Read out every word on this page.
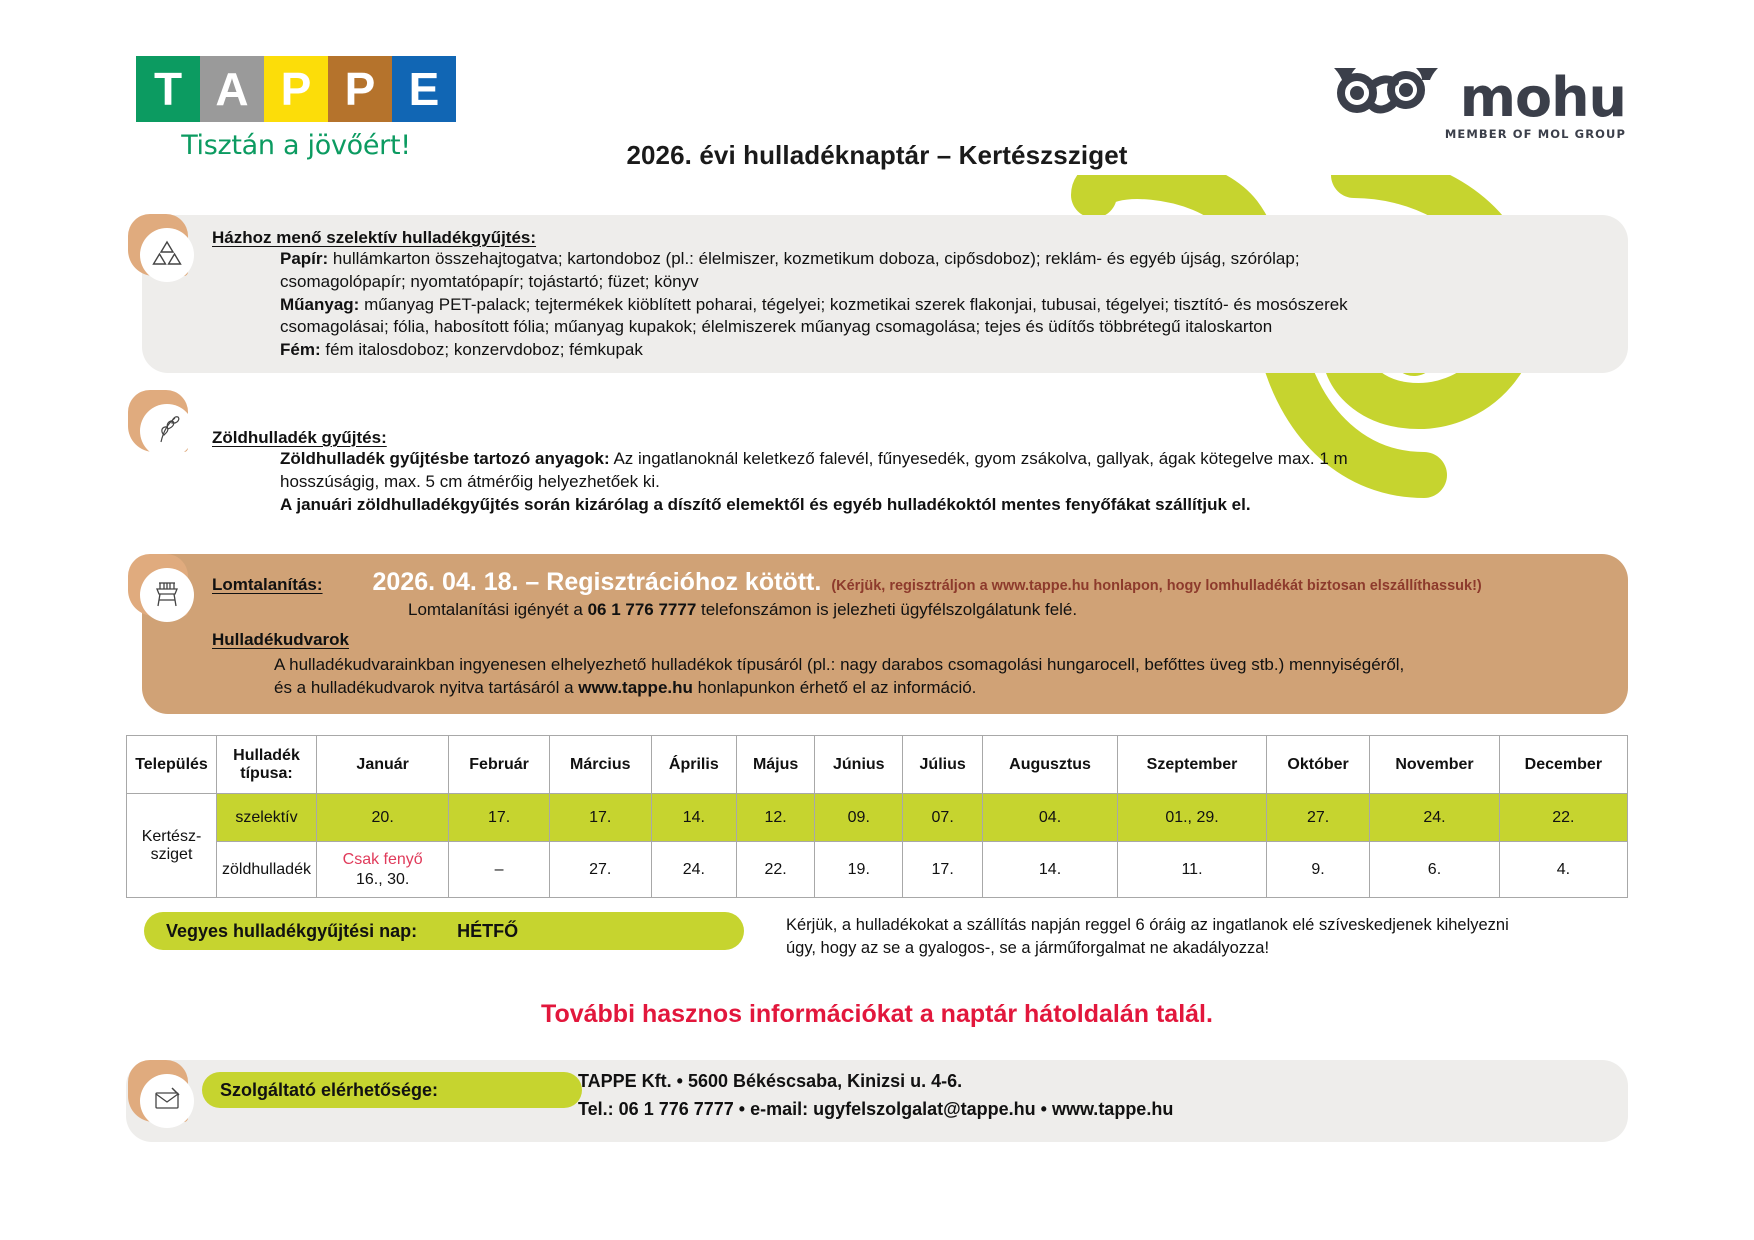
T A P P E
Tisztán a jövőért!	2026. évi hulladéknaptár – Kertészsziget
mohu
MEMBER OF MOL GROUP
Házhoz menő szelektív hulladékgyűjtés:
Papír: hullámkarton összehajtogatva; kartondoboz (pl.: élelmiszer, kozmetikum doboza, cipősdoboz); reklám- és egyéb újság, szórólap;
csomagolópapír; nyomtatópapír; tojástartó; füzet; könyv
Műanyag: műanyag PET-palack; tejtermékek kiöblített poharai, tégelyei; kozmetikai szerek flakonjai, tubusai, tégelyei; tisztító- és mosószerek
csomagolásai; fólia, habosított fólia; műanyag kupakok; élelmiszerek műanyag csomagolása; tejes és üdítős többrétegű italoskarton
Fém: fém italosdoboz; konzervdoboz; fémkupak
Zöldhulladék gyűjtés:
Zöldhulladék gyűjtésbe tartozó anyagok: Az ingatlanoknál keletkező falevél, fűnyesedék, gyom zsákolva, gallyak, ágak kötegelve max. 1 m
hosszúságig, max. 5 cm átmérőig helyezhetőek ki.
A januári zöldhulladékgyűjtés során kizárólag a díszítő elemektől és egyéb hulladékoktól mentes fenyőfákat szállítjuk el.
Lomtalanítás: 2026. 04. 18. – Regisztrációhoz kötött. (Kérjük, regisztráljon a www.tappe.hu honlapon, hogy lomhulladékát biztosan elszállíthassuk!)
Lomtalanítási igényét a 06 1 776 7777 telefonszámon is jelezheti ügyfélszolgálatunk felé.
Hulladékudvarok
A hulladékudvarainkban ingyenesen elhelyezhető hulladékok típusáról (pl.: nagy darabos csomagolási hungarocell, befőttes üveg stb.) mennyiségéről,
és a hulladékudvarok nyitva tartásáról a www.tappe.hu honlapunkon érhető el az információ.
Település	Hulladék
típusa:	Január	Február	Március	Április	Május	Június	Július	Augusztus	Szeptember	Október	November	December

Kertész-
sziget	szelektív	20.	17.	17.	14.	12.	09.	07.	04.	01., 29.	27.	24.	22.
	zöldhulladék	Csak fenyő
16., 30.	–	27.	24.	22.	19.	17.	14.	11.	9.	6.	4.
Vegyes hulladékgyűjtési nap: HÉTFŐ	Kérjük, a hulladékokat a szállítás napján reggel 6 óráig az ingatlanok elé szíveskedjenek kihelyezni
úgy, hogy az se a gyalogos-, se a járműforgalmat ne akadályozza!
További hasznos információkat a naptár hátoldalán talál.
Szolgáltató elérhetősége:	TAPPE Kft. • 5600 Békéscsaba, Kinizsi u. 4-6.
Tel.: 06 1 776 7777 • e-mail: ugyfelszolgalat@tappe.hu • www.tappe.hu
